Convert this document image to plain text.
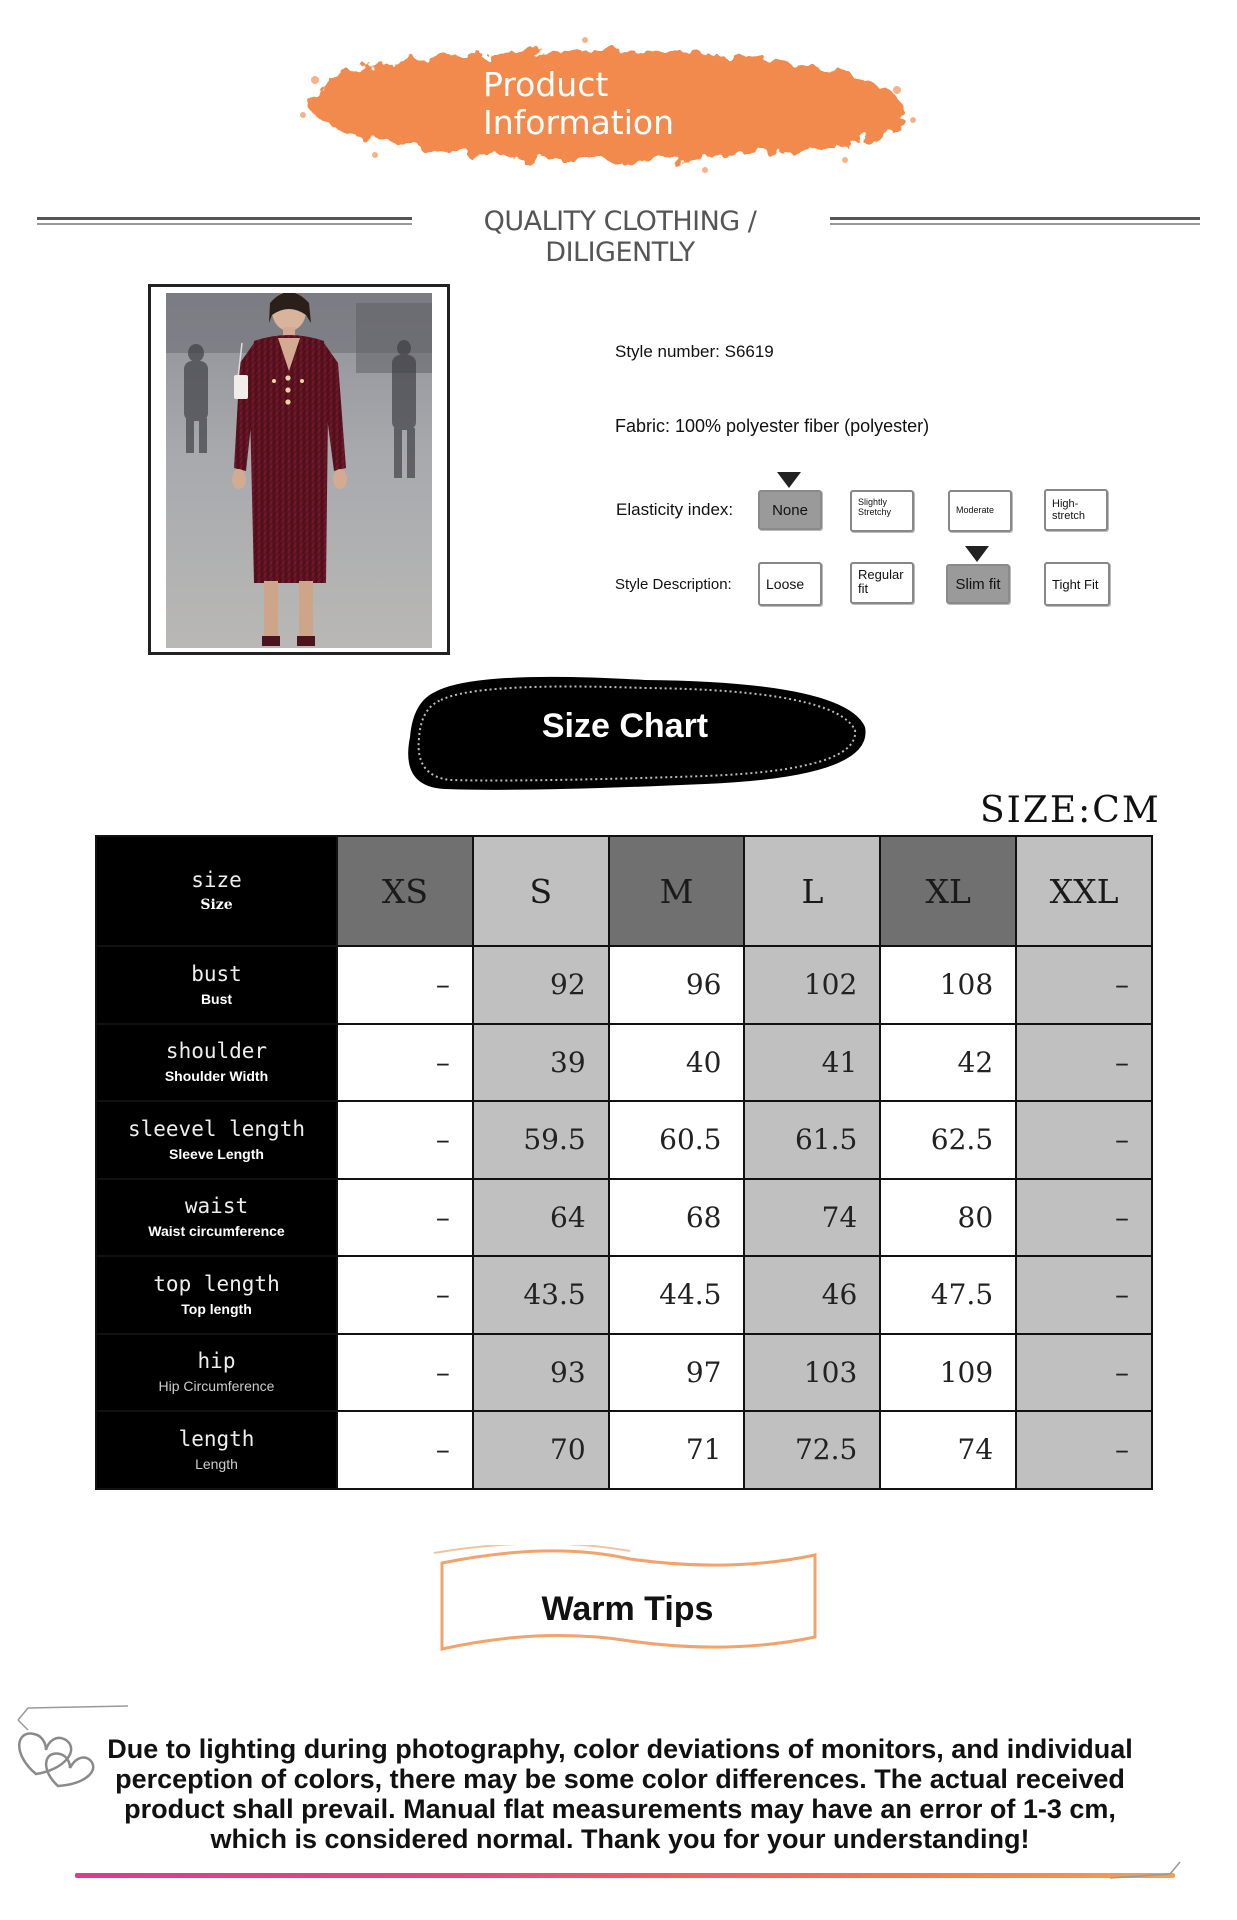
Product
Information
QUALITY CLOTHING / DILIGENTLY
Style number: S6619
Fabric: 100% polyester fiber (polyester)
Elasticity index:	None	Slightly Stretchy	Moderate	High-stretch
Style Description:	Loose
Regular fit	Slim fit	Tight Fit
Size Chart
SIZE:CM
size
Size	XS	S	M	L	XL	XXL

bust
Bust	–	92	96	102	108	–

shoulder
Shoulder Width	–	39	40	41	42	–

sleevel length
Sleeve Length	–	59.5	60.5	61.5	62.5	–

waist
Waist circumference	–	64	68	74	80	–

top length
Top length	–	43.5	44.5	46	47.5	–

hip
Hip Circumference	–	93	97	103	109	–

length
Length	–	70	71	72.5	74	–
Warm Tips
Due to lighting during photography, color deviations of monitors, and individual perception of colors, there may be some color differences. The actual received product shall prevail. Manual flat measurements may have an error of 1-3 cm, which is considered normal. Thank you for your understanding!
